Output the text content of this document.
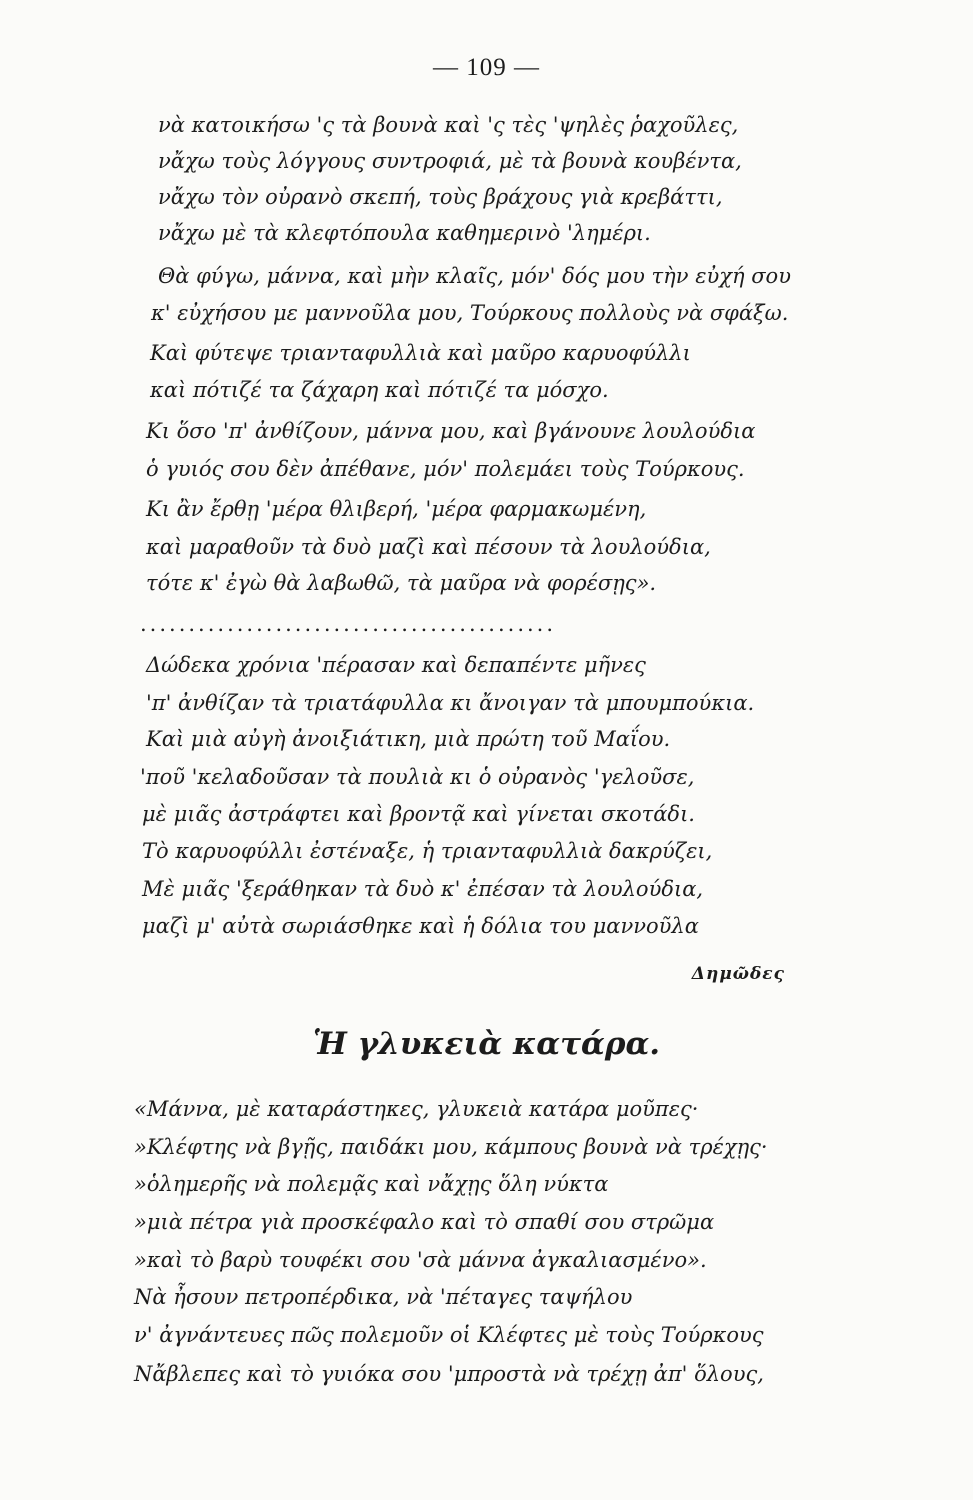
— 109 —
νὰ κατοικήσω 'ς τὰ βουνὰ καὶ 'ς τὲς 'ψηλὲς ῥαχοῦλες,
νἄχω τοὺς λόγγους συντροφιά, μὲ τὰ βουνὰ κουβέντα,
νἄχω τὸν οὐρανὸ σκεπή, τοὺς βράχους γιὰ κρεβάττι,
νἄχω μὲ τὰ κλεφτόπουλα καθημερινὸ 'λημέρι.
Θὰ φύγω, μάννα, καὶ μὴν κλαῖς, μόν' δός μου τὴν εὐχή σου
κ' εὐχήσου με μαννοῦλα μου, Τούρκους πολλοὺς νὰ σφάξω.
Καὶ φύτεψε τριανταφυλλιὰ καὶ μαῦρο καρυοφύλλι
καὶ πότιζέ τα ζάχαρη καὶ πότιζέ τα μόσχο.
Κι ὅσο 'π' ἀνθίζουν, μάννα μου, καὶ βγάνουνε λουλούδια
ὁ γυιός σου δὲν ἀπέθανε, μόν' πολεμάει τοὺς Τούρκους.
Κι ἂν ἔρθῃ 'μέρα θλιβερή, 'μέρα φαρμακωμένη,
καὶ μαραθοῦν τὰ δυὸ μαζὶ καὶ πέσουν τὰ λουλούδια,
τότε κ' ἐγὼ θὰ λαβωθῶ, τὰ μαῦρα νὰ φορέσῃς».
...........................................
Δώδεκα χρόνια 'πέρασαν καὶ δεπαπέντε μῆνες
'π' ἀνθίζαν τὰ τριατάφυλλα κι ἄνοιγαν τὰ μπουμπούκια.
Καὶ μιὰ αὐγὴ ἀνοιξιάτικη, μιὰ πρώτη τοῦ Μαΐου.
'ποῦ 'κελαδοῦσαν τὰ πουλιὰ κι ὁ οὐρανὸς 'γελοῦσε,
μὲ μιᾶς ἀστράφτει καὶ βροντᾷ καὶ γίνεται σκοτάδι.
Τὸ καρυοφύλλι ἐστέναξε, ἡ τριανταφυλλιὰ δακρύζει,
Μὲ μιᾶς 'ξεράθηκαν τὰ δυὸ κ' ἐπέσαν τὰ λουλούδια,
μαζὶ μ' αὐτὰ σωριάσθηκε καὶ ἡ δόλια του μαννοῦλα
Δημῶδες
Ἡ γλυκειὰ κατάρα.
«Μάννα, μὲ καταράστηκες, γλυκειὰ κατάρα μοῦπες·
»Κλέφτης νὰ βγῇς, παιδάκι μου, κάμπους βουνὰ νὰ τρέχῃς·
»ὁλημερῆς νὰ πολεμᾷς καὶ νἄχῃς ὅλη νύκτα
»μιὰ πέτρα γιὰ προσκέφαλο καὶ τὸ σπαθί σου στρῶμα
»καὶ τὸ βαρὺ τουφέκι σου 'σὰ μάννα ἀγκαλιασμένο».
Νὰ ἦσουν πετροπέρδικα, νὰ 'πέταγες ταψήλου
ν' ἀγνάντευες πῶς πολεμοῦν οἱ Κλέφτες μὲ τοὺς Τούρκους
Νἄβλεπες καὶ τὸ γυιόκα σου 'μπροστὰ νὰ τρέχῃ ἀπ' ὅλους,
